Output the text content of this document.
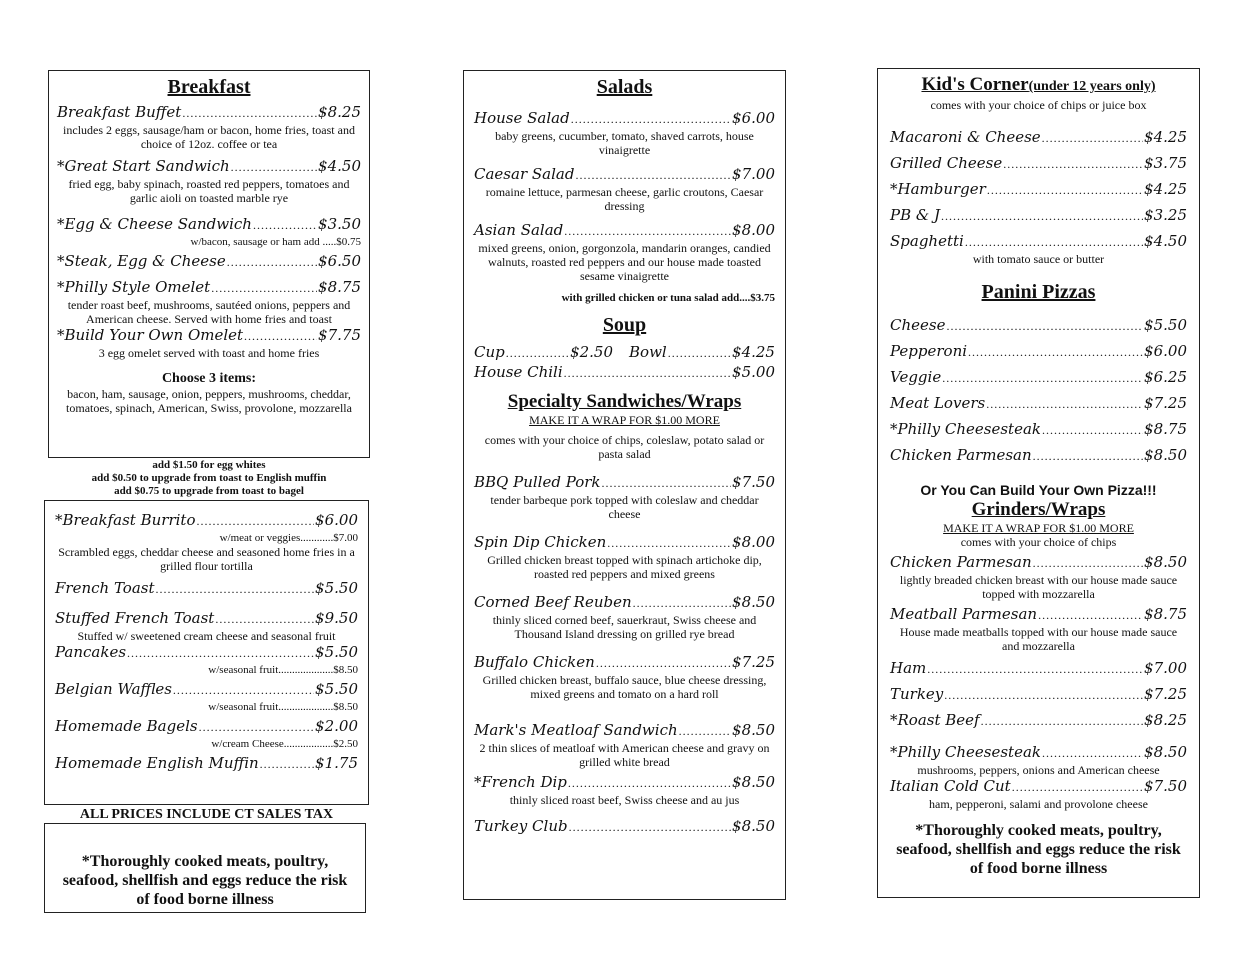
Breakfast
Breakfast Buffet .....	$8.25
includes 2 eggs, sausage/ham or bacon, home fries, toast and choice of 12oz. coffee or tea
*Great Start Sandwich .....	$4.50
fried egg, baby spinach, roasted red peppers, tomatoes and garlic aioli on toasted marble rye
*Egg & Cheese Sandwich .....	$3.50
w/bacon, sausage or ham add .....$0.75
*Steak, Egg & Cheese .....	$6.50
*Philly Style Omelet .....	$8.75
tender roast beef, mushrooms, sautéed onions, peppers and American cheese. Served with home fries and toast
*Build Your Own Omelet .....	$7.75
3 egg omelet served with toast and home fries
Choose 3 items:
bacon, ham, sausage, onion, peppers, mushrooms, cheddar, tomatoes, spinach, American, Swiss, provolone, mozzarella
add $1.50 for egg whites
add $0.50 to upgrade from toast to English muffin
add $0.75 to upgrade from toast to bagel
*Breakfast Burrito .....	$6.00
w/meat or veggies............$7.00
Scrambled eggs, cheddar cheese and seasoned home fries in a grilled flour tortilla
French Toast .....	$5.50
Stuffed French Toast .....	$9.50
Stuffed w/ sweetened cream cheese and seasonal fruit
Pancakes .....	$5.50
w/seasonal fruit....................$8.50
Belgian Waffles .....	$5.50
w/seasonal fruit....................$8.50
Homemade Bagels .....	$2.00
w/cream Cheese..................$2.50
Homemade English Muffin .....	$1.75
ALL PRICES INCLUDE CT SALES TAX
*Thoroughly cooked meats, poultry, seafood, shellfish and eggs reduce the risk of food borne illness
Salads
House Salad .....	$6.00
baby greens, cucumber, tomato, shaved carrots, house vinaigrette
Caesar Salad .....	$7.00
romaine lettuce, parmesan cheese, garlic croutons, Caesar dressing
Asian Salad .....	$8.00
mixed greens, onion, gorgonzola, mandarin oranges, candied walnuts, roasted red peppers and our house made toasted sesame vinaigrette
with grilled chicken or tuna salad add....$3.75
Soup
Cup .....	$2.50 Bowl .....	$4.25
House Chili .....	$5.00
Specialty Sandwiches/Wraps
MAKE IT A WRAP FOR $1.00 MORE
comes with your choice of chips, coleslaw, potato salad or pasta salad
BBQ Pulled Pork .....	$7.50
tender barbeque pork topped with coleslaw and cheddar cheese
Spin Dip Chicken .....	$8.00
Grilled chicken breast topped with spinach artichoke dip, roasted red peppers and mixed greens
Corned Beef Reuben .....	$8.50
thinly sliced corned beef, sauerkraut, Swiss cheese and Thousand Island dressing on grilled rye bread
Buffalo Chicken .....	$7.25
Grilled chicken breast, buffalo sauce, blue cheese dressing, mixed greens and tomato on a hard roll
Mark's Meatloaf Sandwich .....	$8.50
2 thin slices of meatloaf with American cheese and gravy on grilled white bread
*French Dip .....	$8.50
thinly sliced roast beef, Swiss cheese and au jus
Turkey Club .....	$8.50
Kid's Corner(under 12 years only)
comes with your choice of chips or juice box
Macaroni & Cheese .....	$4.25
Grilled Cheese .....	$3.75
*Hamburger .....	$4.25
PB & J .....	$3.25
Spaghetti .....	$4.50
with tomato sauce or butter
Panini Pizzas
Cheese .....	$5.50
Pepperoni .....	$6.00
Veggie .....	$6.25
Meat Lovers .....	$7.25
*Philly Cheesesteak .....	$8.75
Chicken Parmesan .....	$8.50
Or You Can Build Your Own Pizza!!!
Grinders/Wraps
MAKE IT A WRAP FOR $1.00 MORE
comes with your choice of chips
Chicken Parmesan .....	$8.50
lightly breaded chicken breast with our house made sauce topped with mozzarella
Meatball Parmesan .....	$8.75
House made meatballs topped with our house made sauce and mozzarella
Ham .....	$7.00
Turkey .....	$7.25
*Roast Beef .....	$8.25
*Philly Cheesesteak .....	$8.50
mushrooms, peppers, onions and American cheese
Italian Cold Cut .....	$7.50
ham, pepperoni, salami and provolone cheese
*Thoroughly cooked meats, poultry, seafood, shellfish and eggs reduce the risk of food borne illness
